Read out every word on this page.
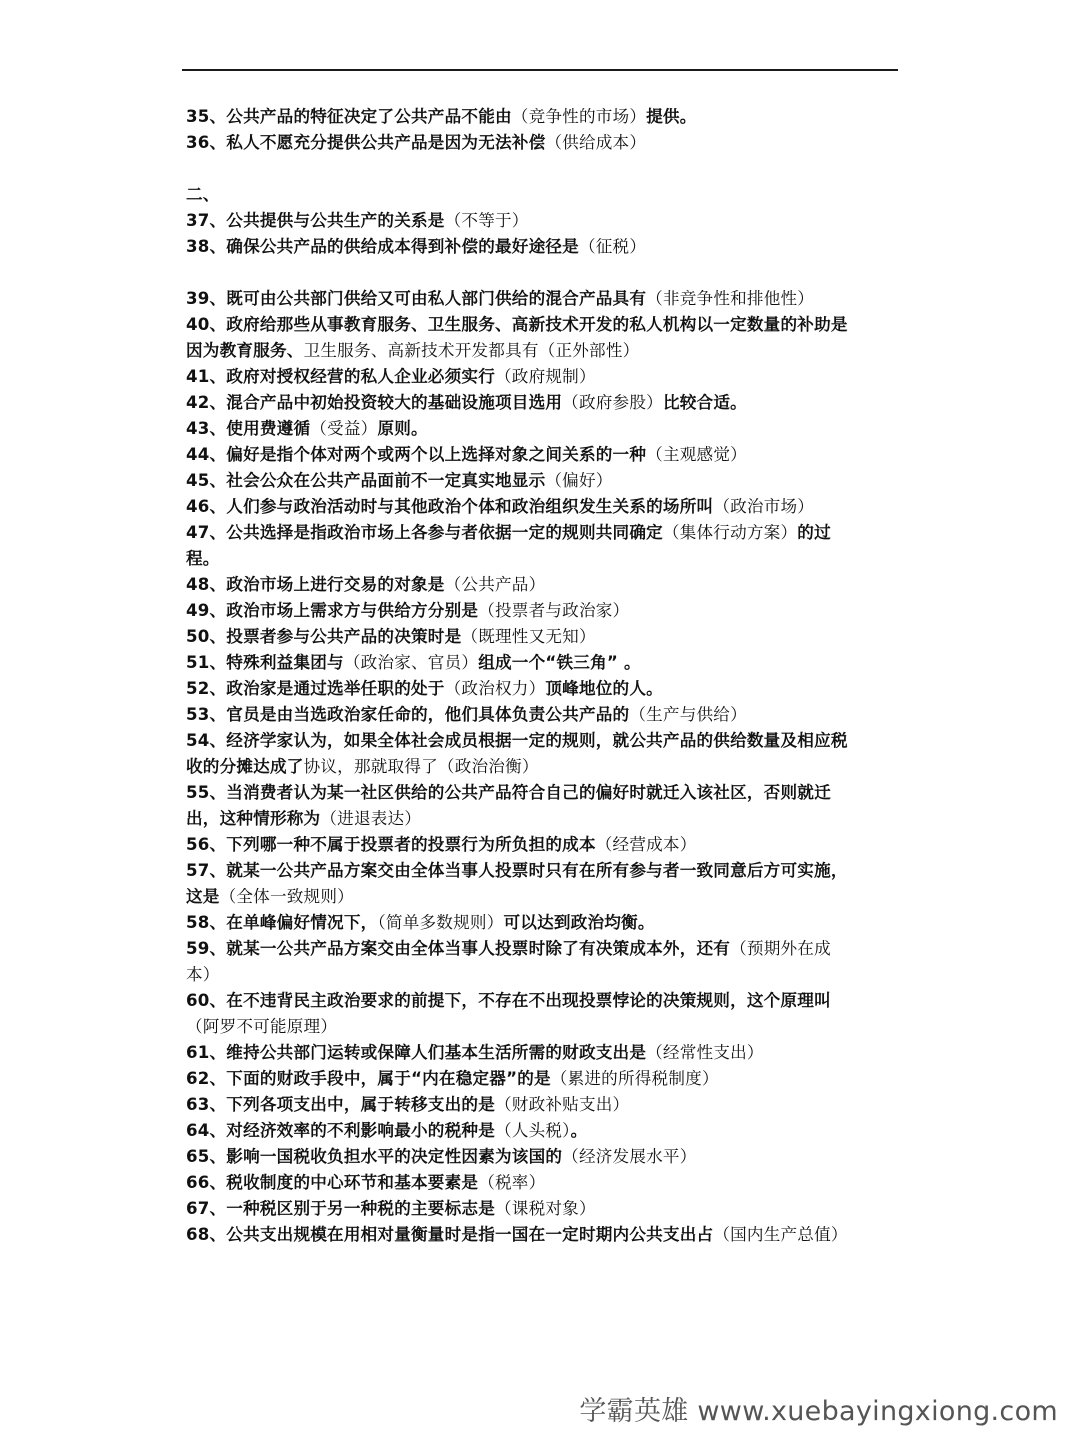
35、公共产品的特征决定了公共产品不能由（竞争性的市场）提供。
36、私人不愿充分提供公共产品是因为无法补偿（供给成本）
二、
37、公共提供与公共生产的关系是（不等于）
38、确保公共产品的供给成本得到补偿的最好途径是（征税）
39、既可由公共部门供给又可由私人部门供给的混合产品具有（非竞争性和排他性）
40、政府给那些从事教育服务、卫生服务、高新技术开发的私人机构以一定数量的补助是
因为教育服务、卫生服务、高新技术开发都具有（正外部性）
41、政府对授权经营的私人企业必须实行（政府规制）
42、混合产品中初始投资较大的基础设施项目选用（政府参股）比较合适。
43、使用费遵循（受益）原则。
44、偏好是指个体对两个或两个以上选择对象之间关系的一种（主观感觉）
45、社会公众在公共产品面前不一定真实地显示（偏好）
46、人们参与政治活动时与其他政治个体和政治组织发生关系的场所叫（政治市场）
47、公共选择是指政治市场上各参与者依据一定的规则共同确定（集体行动方案）的过
程。
48、政治市场上进行交易的对象是（公共产品）
49、政治市场上需求方与供给方分别是（投票者与政治家）
50、投票者参与公共产品的决策时是（既理性又无知）
51、特殊利益集团与（政治家、官员）组成一个“铁三角” 。
52、政治家是通过选举任职的处于（政治权力）顶峰地位的人。
53、官员是由当选政治家任命的，他们具体负责公共产品的（生产与供给）
54、经济学家认为，如果全体社会成员根据一定的规则，就公共产品的供给数量及相应税
收的分摊达成了协议，那就取得了（政治治衡）
55、当消费者认为某一社区供给的公共产品符合自己的偏好时就迁入该社区，否则就迁
出，这种情形称为（进退表达）
56、下列哪一种不属于投票者的投票行为所负担的成本（经营成本）
57、就某一公共产品方案交由全体当事人投票时只有在所有参与者一致同意后方可实施，
这是（全体一致规则）
58、在单峰偏好情况下，（简单多数规则）可以达到政治均衡。
59、就某一公共产品方案交由全体当事人投票时除了有决策成本外，还有（预期外在成
本）
60、在不违背民主政治要求的前提下，不存在不出现投票悖论的决策规则，这个原理叫
（阿罗不可能原理）
61、维持公共部门运转或保障人们基本生活所需的财政支出是（经常性支出）
62、下面的财政手段中，属于“内在稳定器”的是（累进的所得税制度）
63、下列各项支出中，属于转移支出的是（财政补贴支出）
64、对经济效率的不利影响最小的税种是（人头税）。
65、影响一国税收负担水平的决定性因素为该国的（经济发展水平）
66、税收制度的中心环节和基本要素是（税率）
67、一种税区别于另一种税的主要标志是（课税对象）
68、公共支出规模在用相对量衡量时是指一国在一定时期内公共支出占（国内生产总值）
学霸英雄 www.xuebayingxiong.com
